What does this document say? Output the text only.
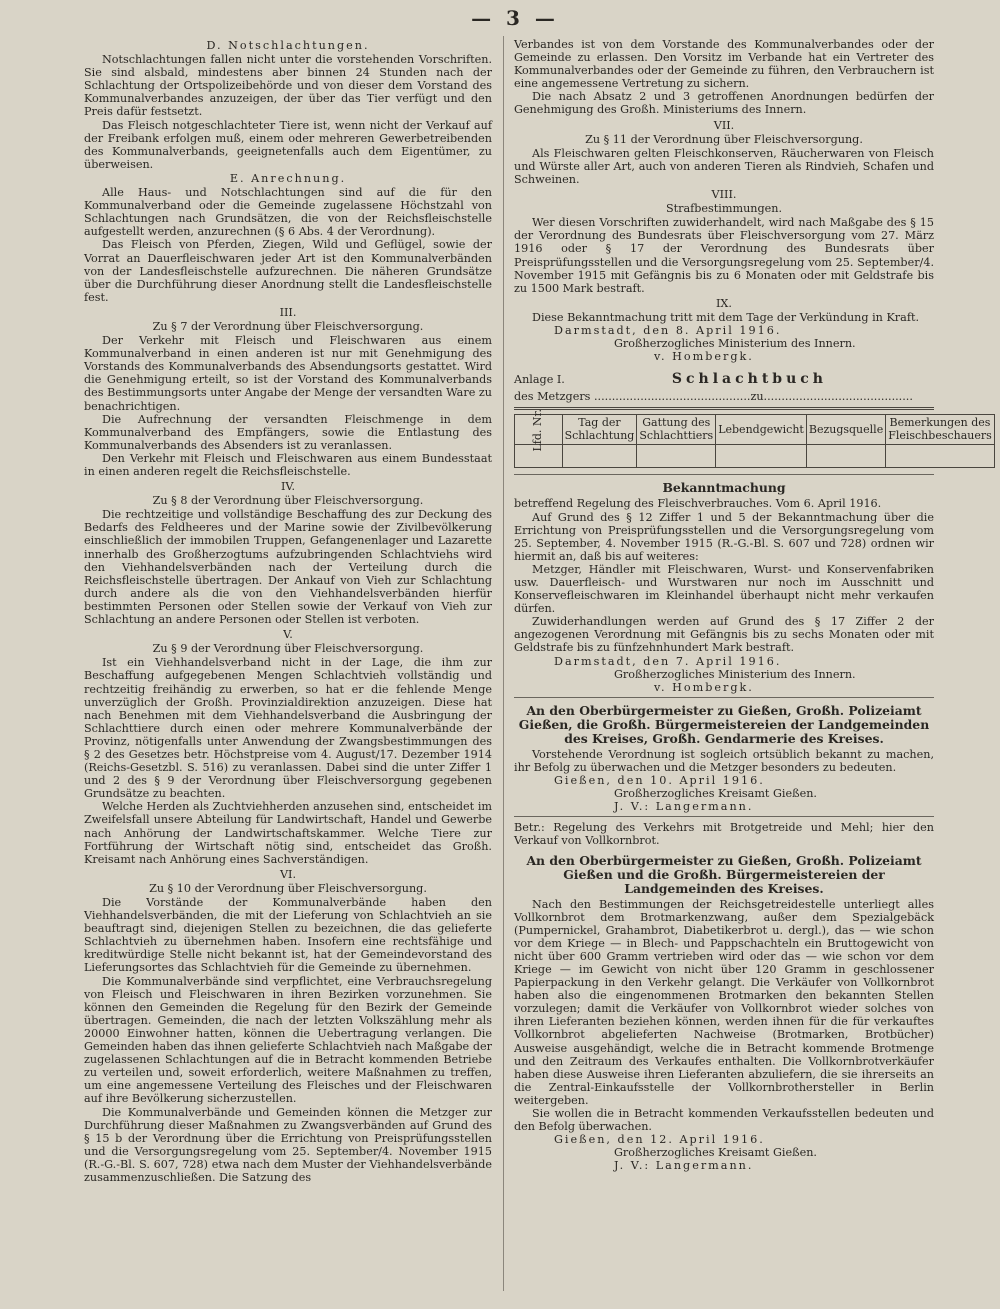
— 3 —

D. Notschlachtungen.

Notschlachtungen fallen nicht unter die vorstehenden Vorschriften. Sie sind alsbald, mindestens aber binnen 24 Stunden nach der Schlachtung der Ortspolizeibehörde und von dieser dem Vorstand des Kommunalverbandes anzuzeigen, der über das Tier verfügt und den Preis dafür festsetzt.

Das Fleisch notgeschlachteter Tiere ist, wenn nicht der Verkauf auf der Freibank erfolgen muß, einem oder mehreren Gewerbetreibenden des Kommunalverbands, geeignetenfalls auch dem Eigentümer, zu überweisen.

E. Anrechnung.

Alle Haus- und Notschlachtungen sind auf die für den Kommunalverband oder die Gemeinde zugelassene Höchstzahl von Schlachtungen nach Grundsätzen, die von der Reichsfleischstelle aufgestellt werden, anzurechnen (§ 6 Abs. 4 der Verordnung).

Das Fleisch von Pferden, Ziegen, Wild und Geflügel, sowie der Vorrat an Dauerfleischwaren jeder Art ist den Kommunalverbänden von der Landesfleischstelle aufzurechnen. Die näheren Grundsätze über die Durchführung dieser Anordnung stellt die Landesfleischstelle fest.

III.

Zu § 7 der Verordnung über Fleischversorgung.

Der Verkehr mit Fleisch und Fleischwaren aus einem Kommunalverband in einen anderen ist nur mit Genehmigung des Vorstands des Kommunalverbands des Absendungsorts gestattet. Wird die Genehmigung erteilt, so ist der Vorstand des Kommunalverbands des Bestimmungsorts unter Angabe der Menge der versandten Ware zu benachrichtigen.

Die Aufrechnung der versandten Fleischmenge in dem Kommunalverband des Empfängers, sowie die Entlastung des Kommunalverbands des Absenders ist zu veranlassen.

Den Verkehr mit Fleisch und Fleischwaren aus einem Bundesstaat in einen anderen regelt die Reichsfleischstelle.

IV.

Zu § 8 der Verordnung über Fleischversorgung.

Die rechtzeitige und vollständige Beschaffung des zur Deckung des Bedarfs des Feldheeres und der Marine sowie der Zivilbevölkerung einschließlich der immobilen Truppen, Gefangenenlager und Lazarette innerhalb des Großherzogtums aufzubringenden Schlachtviehs wird den Viehhandelsverbänden nach der Verteilung durch die Reichsfleischstelle übertragen. Der Ankauf von Vieh zur Schlachtung durch andere als die von den Viehhandelsverbänden hierfür bestimmten Personen oder Stellen sowie der Verkauf von Vieh zur Schlachtung an andere Personen oder Stellen ist verboten.

V.

Zu § 9 der Verordnung über Fleischversorgung.

Ist ein Viehhandelsverband nicht in der Lage, die ihm zur Beschaffung aufgegebenen Mengen Schlachtvieh vollständig und rechtzeitig freihändig zu erwerben, so hat er die fehlende Menge unverzüglich der Großh. Provinzialdirektion anzuzeigen. Diese hat nach Benehmen mit dem Viehhandelsverband die Ausbringung der Schlachttiere durch einen oder mehrere Kommunalverbände der Provinz, nötigenfalls unter Anwendung der Zwangsbestimmungen des § 2 des Gesetzes betr. Höchstpreise vom 4. August/17. Dezember 1914 (Reichs-Gesetzbl. S. 516) zu veranlassen. Dabei sind die unter Ziffer 1 und 2 des § 9 der Verordnung über Fleischversorgung gegebenen Grundsätze zu beachten.

Welche Herden als Zuchtviehherden anzusehen sind, entscheidet im Zweifelsfall unsere Abteilung für Landwirtschaft, Handel und Gewerbe nach Anhörung der Landwirtschaftskammer. Welche Tiere zur Fortführung der Wirtschaft nötig sind, entscheidet das Großh. Kreisamt nach Anhörung eines Sachverständigen.

VI.

Zu § 10 der Verordnung über Fleischversorgung.

Die Vorstände der Kommunalverbände haben den Viehhandelsverbänden, die mit der Lieferung von Schlachtvieh an sie beauftragt sind, diejenigen Stellen zu bezeichnen, die das gelieferte Schlachtvieh zu übernehmen haben. Insofern eine rechtsfähige und kreditwürdige Stelle nicht bekannt ist, hat der Gemeindevorstand des Lieferungsortes das Schlachtvieh für die Gemeinde zu übernehmen.

Die Kommunalverbände sind verpflichtet, eine Verbrauchsregelung von Fleisch und Fleischwaren in ihren Bezirken vorzunehmen. Sie können den Gemeinden die Regelung für den Bezirk der Gemeinde übertragen. Gemeinden, die nach der letzten Volkszählung mehr als 20000 Einwohner hatten, können die Uebertragung verlangen. Die Gemeinden haben das ihnen gelieferte Schlachtvieh nach Maßgabe der zugelassenen Schlachtungen auf die in Betracht kommenden Betriebe zu verteilen und, soweit erforderlich, weitere Maßnahmen zu treffen, um eine angemessene Verteilung des Fleisches und der Fleischwaren auf ihre Bevölkerung sicherzustellen.

Die Kommunalverbände und Gemeinden können die Metzger zur Durchführung dieser Maßnahmen zu Zwangsverbänden auf Grund des § 15 b der Verordnung über die Errichtung von Preisprüfungsstellen und die Versorgungsregelung vom 25. September/4. November 1915 (R.-G.-Bl. S. 607, 728) etwa nach dem Muster der Viehhandelsverbände zusammenzuschließen. Die Satzung des

Verbandes ist von dem Vorstande des Kommunalverbandes oder der Gemeinde zu erlassen. Den Vorsitz im Verbande hat ein Vertreter des Kommunalverbandes oder der Gemeinde zu führen, den Verbrauchern ist eine angemessene Vertretung zu sichern.

Die nach Absatz 2 und 3 getroffenen Anordnungen bedürfen der Genehmigung des Großh. Ministeriums des Innern.

VII.

Zu § 11 der Verordnung über Fleischversorgung.

Als Fleischwaren gelten Fleischkonserven, Räucherwaren von Fleisch und Würste aller Art, auch von anderen Tieren als Rindvieh, Schafen und Schweinen.

VIII.

Strafbestimmungen.

Wer diesen Vorschriften zuwiderhandelt, wird nach Maßgabe des § 15 der Verordnung des Bundesrats über Fleischversorgung vom 27. März 1916 oder § 17 der Verordnung des Bundesrats über Preisprüfungsstellen und die Versorgungsregelung vom 25. September/4. November 1915 mit Gefängnis bis zu 6 Monaten oder mit Geldstrafe bis zu 1500 Mark bestraft.

IX.

Diese Bekanntmachung tritt mit dem Tage der Verkündung in Kraft.

Darmstadt, den 8. April 1916.

Großherzogliches Ministerium des Innern.

v. Hombergk.

Anlage I.	Schlachtbuch

des Metzgers ............................................zu..........................................

Lfd. Nr.	Tag der Schlachtung	Gattung des Schlachttiers	Lebendgewicht	Bezugsquelle	Bemerkungen des Fleischbeschauers

Bekanntmachung

betreffend Regelung des Fleischverbrauches. Vom 6. April 1916.

Auf Grund des § 12 Ziffer 1 und 5 der Bekanntmachung über die Errichtung von Preisprüfungsstellen und die Versorgungsregelung vom 25. September, 4. November 1915 (R.-G.-Bl. S. 607 und 728) ordnen wir hiermit an, daß bis auf weiteres:

Metzger, Händler mit Fleischwaren, Wurst- und Konservenfabriken usw. Dauerfleisch- und Wurstwaren nur noch im Ausschnitt und Konservefleischwaren im Kleinhandel überhaupt nicht mehr verkaufen dürfen.

Zuwiderhandlungen werden auf Grund des § 17 Ziffer 2 der angezogenen Verordnung mit Gefängnis bis zu sechs Monaten oder mit Geldstrafe bis zu fünfzehnhundert Mark bestraft.

Darmstadt, den 7. April 1916.

Großherzogliches Ministerium des Innern.

v. Hombergk.

An den Oberbürgermeister zu Gießen, Großh. Polizeiamt Gießen, die Großh. Bürgermeistereien der Landgemeinden des Kreises, Großh. Gendarmerie des Kreises.

Vorstehende Verordnung ist sogleich ortsüblich bekannt zu machen, ihr Befolg zu überwachen und die Metzger besonders zu bedeuten.

Gießen, den 10. April 1916.

Großherzogliches Kreisamt Gießen.

J. V.: Langermann.

Betr.: Regelung des Verkehrs mit Brotgetreide und Mehl; hier den Verkauf von Vollkornbrot.

An den Oberbürgermeister zu Gießen, Großh. Polizeiamt Gießen und die Großh. Bürgermeistereien der Landgemeinden des Kreises.

Nach den Bestimmungen der Reichsgetreidestelle unterliegt alles Vollkornbrot dem Brotmarkenzwang, außer dem Spezialgebäck (Pumpernickel, Grahambrot, Diabetikerbrot u. dergl.), das — wie schon vor dem Kriege — in Blech- und Pappschachteln ein Bruttogewicht von nicht über 600 Gramm vertrieben wird oder das — wie schon vor dem Kriege — im Gewicht von nicht über 120 Gramm in geschlossener Papierpackung in den Verkehr gelangt. Die Verkäufer von Vollkornbrot haben also die eingenommenen Brotmarken den bekannten Stellen vorzulegen; damit die Verkäufer von Vollkornbrot wieder solches von ihren Lieferanten beziehen können, werden ihnen für die für verkauftes Vollkornbrot abgelieferten Nachweise (Brotmarken, Brotbücher) Ausweise ausgehändigt, welche die in Betracht kommende Brotmenge und den Zeitraum des Verkaufes enthalten. Die Vollkornbrotverkäufer haben diese Ausweise ihren Lieferanten abzuliefern, die sie ihrerseits an die Zentral-Einkaufsstelle der Vollkornbrothersteller in Berlin weitergeben.

Sie wollen die in Betracht kommenden Verkaufsstellen bedeuten und den Befolg überwachen.

Gießen, den 12. April 1916.

Großherzogliches Kreisamt Gießen.

J. V.: Langermann.
